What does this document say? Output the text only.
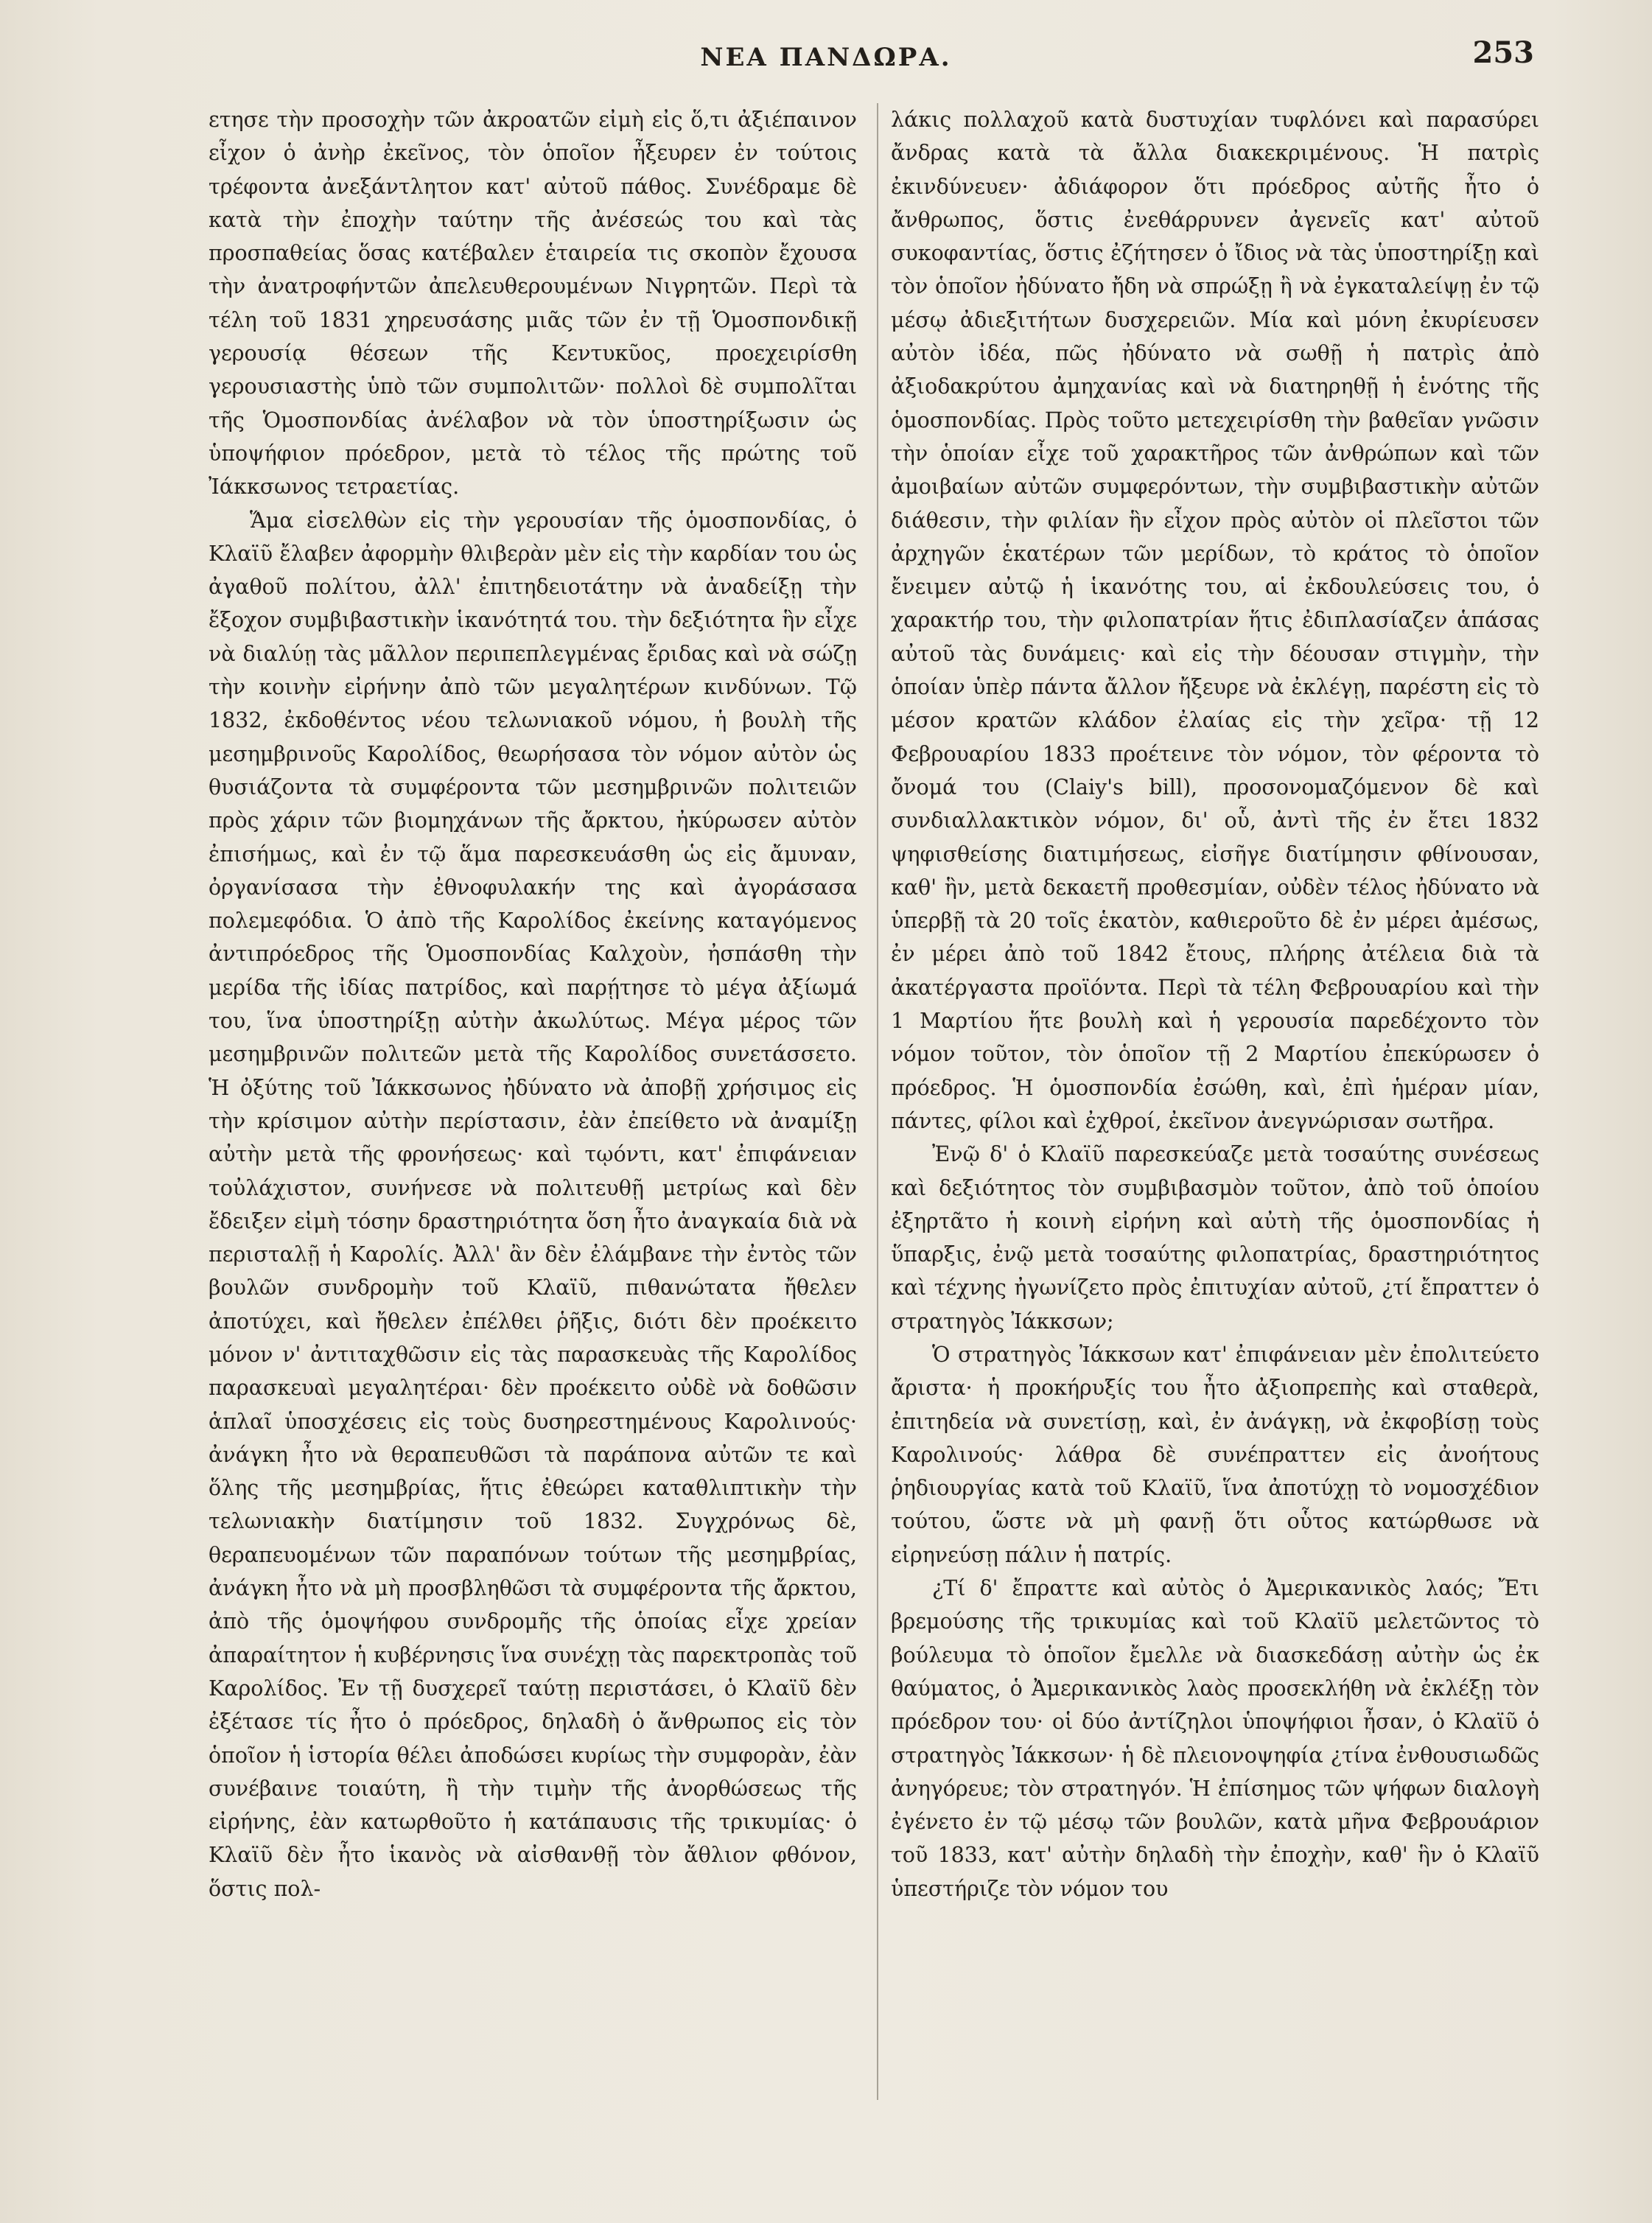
ΝΕΑ ΠΑΝΔΩΡΑ.	253

ετησε τὴν προσοχὴν τῶν ἀκροατῶν εἰμὴ εἰς ὅ,τι ἀξιέπαινον εἶχον ὁ ἀνὴρ ἐκεῖνος, τὸν ὁποῖον ἦξευρεν ἐν τούτοις τρέφοντα ἀνεξάντλητον κατ' αὐτοῦ πάθος. Συνέδραμε δὲ κατὰ τὴν ἐποχὴν ταύτην τῆς ἀνέσεώς του καὶ τὰς προσπαθείας ὅσας κατέβαλεν ἑταιρεία τις σκοπὸν ἔχουσα τὴν ἀνατροφήντῶν ἀπελευθερουμένων Νιγρητῶν. Περὶ τὰ τέλη τοῦ 1831 χηρευσάσης μιᾶς τῶν ἐν τῇ Ὁμοσπονδικῇ γερουσίᾳ θέσεων τῆς Κεντυκῦος, προεχειρίσθη γερουσιαστὴς ὑπὸ τῶν συμπολιτῶν· πολλοὶ δὲ συμπολῖται τῆς Ὁμοσπονδίας ἀνέλαβον νὰ τὸν ὑποστηρίξωσιν ὡς ὑποψήφιον πρόεδρον, μετὰ τὸ τέλος τῆς πρώτης τοῦ Ἰάκκσωνος τετραετίας.

Ἅμα εἰσελθὼν εἰς τὴν γερουσίαν τῆς ὁμοσπονδίας, ὁ Κλαϊῦ ἔλαβεν ἀφορμὴν θλιβερὰν μὲν εἰς τὴν καρδίαν του ὡς ἀγαθοῦ πολίτου, ἀλλ' ἐπιτηδειοτάτην νὰ ἀναδείξῃ τὴν ἔξοχον συμβιβαστικὴν ἱκανότητά του. τὴν δεξιότητα ἣν εἶχε νὰ διαλύῃ τὰς μᾶλλον περιπεπλεγμένας ἔριδας καὶ νὰ σώζῃ τὴν κοινὴν εἰρήνην ἀπὸ τῶν μεγαλητέρων κινδύνων. Τῷ 1832, ἐκδοθέντος νέου τελωνιακοῦ νόμου, ἡ βουλὴ τῆς μεσημβρινοῦς Καρολίδος, θεωρήσασα τὸν νόμον αὐτὸν ὡς θυσιάζοντα τὰ συμφέροντα τῶν μεσημβρινῶν πολιτειῶν πρὸς χάριν τῶν βιομηχάνων τῆς ἄρκτου, ἠκύρωσεν αὐτὸν ἐπισήμως, καὶ ἐν τῷ ἅμα παρεσκευάσθη ὡς εἰς ἄμυναν, ὀργανίσασα τὴν ἐθνοφυλακήν της καὶ ἀγοράσασα πολεμεφόδια. Ὁ ἀπὸ τῆς Καρολίδος ἐκείνης καταγόμενος ἀντιπρόεδρος τῆς Ὁμοσπονδίας Καλχοὺν, ἠσπάσθη τὴν μερίδα τῆς ἰδίας πατρίδος, καὶ παρῄτησε τὸ μέγα ἀξίωμά του, ἵνα ὑποστηρίξῃ αὐτὴν ἀκωλύτως. Μέγα μέρος τῶν μεσημβρινῶν πολιτεῶν μετὰ τῆς Καρολίδος συνετάσσετο. Ἡ ὀξύτης τοῦ Ἰάκκσωνος ἠδύνατο νὰ ἀποβῇ χρήσιμος εἰς τὴν κρίσιμον αὐτὴν περίστασιν, ἐὰν ἐπείθετο νὰ ἀναμίξῃ αὐτὴν μετὰ τῆς φρονήσεως· καὶ τῳόντι, κατ' ἐπιφάνειαν τοὐλάχιστον, συνήνεσε νὰ πολιτευθῇ μετρίως καὶ δὲν ἔδειξεν εἰμὴ τόσην δραστηριότητα ὅση ἦτο ἀναγκαία διὰ νὰ περισταλῇ ἡ Καρολίς. Ἀλλ' ἂν δὲν ἐλάμβανε τὴν ἐντὸς τῶν βουλῶν συνδρομὴν τοῦ Κλαϊῦ, πιθανώτατα ἤθελεν ἀποτύχει, καὶ ἤθελεν ἐπέλθει ῥῆξις, διότι δὲν προέκειτο μόνον ν' ἀντιταχθῶσιν εἰς τὰς παρασκευὰς τῆς Καρολίδος παρασκευαὶ μεγαλητέραι· δὲν προέκειτο οὐδὲ νὰ δοθῶσιν ἁπλαῖ ὑποσχέσεις εἰς τοὺς δυσηρεστημένους Καρολινούς· ἀνάγκη ἦτο νὰ θεραπευθῶσι τὰ παράπονα αὐτῶν τε καὶ ὅλης τῆς μεσημβρίας, ἥτις ἐθεώρει καταθλιπτικὴν τὴν τελωνιακὴν διατίμησιν τοῦ 1832. Συγχρόνως δὲ, θεραπευομένων τῶν παραπόνων τούτων τῆς μεσημβρίας, ἀνάγκη ἦτο νὰ μὴ προσβληθῶσι τὰ συμφέροντα τῆς ἄρκτου, ἀπὸ τῆς ὁμοψήφου συνδρομῆς τῆς ὁποίας εἶχε χρείαν ἀπαραίτητον ἡ κυβέρνησις ἵνα συνέχῃ τὰς παρεκτροπὰς τοῦ Καρολίδος. Ἐν τῇ δυσχερεῖ ταύτῃ περιστάσει, ὁ Κλαϊῦ δὲν ἐξέτασε τίς ἦτο ὁ πρόεδρος, δηλαδὴ ὁ ἄνθρωπος εἰς τὸν ὁποῖον ἡ ἱστορία θέλει ἀποδώσει κυρίως τὴν συμφορὰν, ἐὰν συνέβαινε τοιαύτη, ἢ τὴν τιμὴν τῆς ἀνορθώσεως τῆς εἰρήνης, ἐὰν κατωρθοῦτο ἡ κατάπαυσις τῆς τρικυμίας· ὁ Κλαϊῦ δὲν ἦτο ἱκανὸς νὰ αἰσθανθῇ τὸν ἄθλιον φθόνον, ὅστις πολ-

λάκις πολλαχοῦ κατὰ δυστυχίαν τυφλόνει καὶ παρασύρει ἄνδρας κατὰ τὰ ἄλλα διακεκριμένους. Ἡ πατρὶς ἐκινδύνευεν· ἀδιάφορον ὅτι πρόεδρος αὐτῆς ἦτο ὁ ἄνθρωπος, ὅστις ἐνεθάρρυνεν ἀγενεῖς κατ' αὐτοῦ συκοφαντίας, ὅστις ἐζήτησεν ὁ ἴδιος νὰ τὰς ὑποστηρίξῃ καὶ τὸν ὁποῖον ἠδύνατο ἤδη νὰ σπρώξῃ ἢ νὰ ἐγκαταλείψῃ ἐν τῷ μέσῳ ἀδιεξιτήτων δυσχερειῶν. Μία καὶ μόνη ἐκυρίευσεν αὐτὸν ἰδέα, πῶς ἠδύνατο νὰ σωθῇ ἡ πατρὶς ἀπὸ ἀξιοδακρύτου ἀμηχανίας καὶ νὰ διατηρηθῇ ἡ ἑνότης τῆς ὁμοσπονδίας. Πρὸς τοῦτο μετεχειρίσθη τὴν βαθεῖαν γνῶσιν τὴν ὁποίαν εἶχε τοῦ χαρακτῆρος τῶν ἀνθρώπων καὶ τῶν ἀμοιβαίων αὐτῶν συμφερόντων, τὴν συμβιβαστικὴν αὐτῶν διάθεσιν, τὴν φιλίαν ἣν εἶχον πρὸς αὐτὸν οἱ πλεῖστοι τῶν ἀρχηγῶν ἑκατέρων τῶν μερίδων, τὸ κράτος τὸ ὁποῖον ἔνειμεν αὐτῷ ἡ ἱκανότης του, αἱ ἐκδουλεύσεις του, ὁ χαρακτήρ του, τὴν φιλοπατρίαν ἥτις ἐδιπλασίαζεν ἁπάσας αὐτοῦ τὰς δυνάμεις· καὶ εἰς τὴν δέουσαν στιγμὴν, τὴν ὁποίαν ὑπὲρ πάντα ἄλλον ἤξευρε νὰ ἐκλέγῃ, παρέστη εἰς τὸ μέσον κρατῶν κλάδον ἐλαίας εἰς τὴν χεῖρα· τῇ 12 Φεβρουαρίου 1833 προέτεινε τὸν νόμον, τὸν φέροντα τὸ ὄνομά του (Claiy's bill), προσονομαζόμενον δὲ καὶ συνδιαλλακτικὸν νόμον, δι' οὗ, ἀντὶ τῆς ἐν ἔτει 1832 ψηφισθείσης διατιμήσεως, εἰσῆγε διατίμησιν φθίνουσαν, καθ' ἣν, μετὰ δεκαετῆ προθεσμίαν, οὐδὲν τέλος ἠδύνατο νὰ ὑπερβῇ τὰ 20 τοῖς ἑκατὸν, καθιεροῦτο δὲ ἐν μέρει ἀμέσως, ἐν μέρει ἀπὸ τοῦ 1842 ἔτους, πλήρης ἀτέλεια διὰ τὰ ἀκατέργαστα προϊόντα. Περὶ τὰ τέλη Φεβρουαρίου καὶ τὴν 1 Μαρτίου ἥτε βουλὴ καὶ ἡ γερουσία παρεδέχοντο τὸν νόμον τοῦτον, τὸν ὁποῖον τῇ 2 Μαρτίου ἐπεκύρωσεν ὁ πρόεδρος. Ἡ ὁμοσπονδία ἐσώθη, καὶ, ἐπὶ ἡμέραν μίαν, πάντες, φίλοι καὶ ἐχθροί, ἐκεῖνον ἀνεγνώρισαν σωτῆρα.

Ἐνῷ δ' ὁ Κλαϊῦ παρεσκεύαζε μετὰ τοσαύτης συνέσεως καὶ δεξιότητος τὸν συμβιβασμὸν τοῦτον, ἀπὸ τοῦ ὁποίου ἐξηρτᾶτο ἡ κοινὴ εἰρήνη καὶ αὐτὴ τῆς ὁμοσπονδίας ἡ ὕπαρξις, ἐνῷ μετὰ τοσαύτης φιλοπατρίας, δραστηριότητος καὶ τέχνης ἠγωνίζετο πρὸς ἐπιτυχίαν αὐτοῦ, ¿τί ἔπραττεν ὁ στρατηγὸς Ἰάκκσων;

Ὁ στρατηγὸς Ἰάκκσων κατ' ἐπιφάνειαν μὲν ἐπολιτεύετο ἄριστα· ἡ προκήρυξίς του ἦτο ἀξιοπρεπὴς καὶ σταθερὰ, ἐπιτηδεία νὰ συνετίσῃ, καὶ, ἐν ἀνάγκῃ, νὰ ἐκφοβίσῃ τοὺς Καρολινούς· λάθρα δὲ συνέπραττεν εἰς ἀνοήτους ῥηδιουργίας κατὰ τοῦ Κλαϊῦ, ἵνα ἀποτύχῃ τὸ νομοσχέδιον τούτου, ὥστε νὰ μὴ φανῇ ὅτι οὗτος κατώρθωσε νὰ εἰρηνεύσῃ πάλιν ἡ πατρίς.

¿Τί δ' ἔπραττε καὶ αὐτὸς ὁ Ἀμερικανικὸς λαός; Ἔτι βρεμούσης τῆς τρικυμίας καὶ τοῦ Κλαϊῦ μελετῶντος τὸ βούλευμα τὸ ὁποῖον ἔμελλε νὰ διασκεδάσῃ αὐτὴν ὡς ἐκ θαύματος, ὁ Ἀμερικανικὸς λαὸς προσεκλήθη νὰ ἐκλέξῃ τὸν πρόεδρον του· οἱ δύο ἀντίζηλοι ὑποψήφιοι ἦσαν, ὁ Κλαϊῦ ὁ στρατηγὸς Ἰάκκσων· ἡ δὲ πλειονοψηφία ¿τίνα ἐνθουσιωδῶς ἀνηγόρευε; τὸν στρατηγόν. Ἡ ἐπίσημος τῶν ψήφων διαλογὴ ἐγένετο ἐν τῷ μέσῳ τῶν βουλῶν, κατὰ μῆνα Φεβρουάριον τοῦ 1833, κατ' αὐτὴν δηλαδὴ τὴν ἐποχὴν, καθ' ἣν ὁ Κλαϊῦ ὑπεστήριζε τὸν νόμον του
